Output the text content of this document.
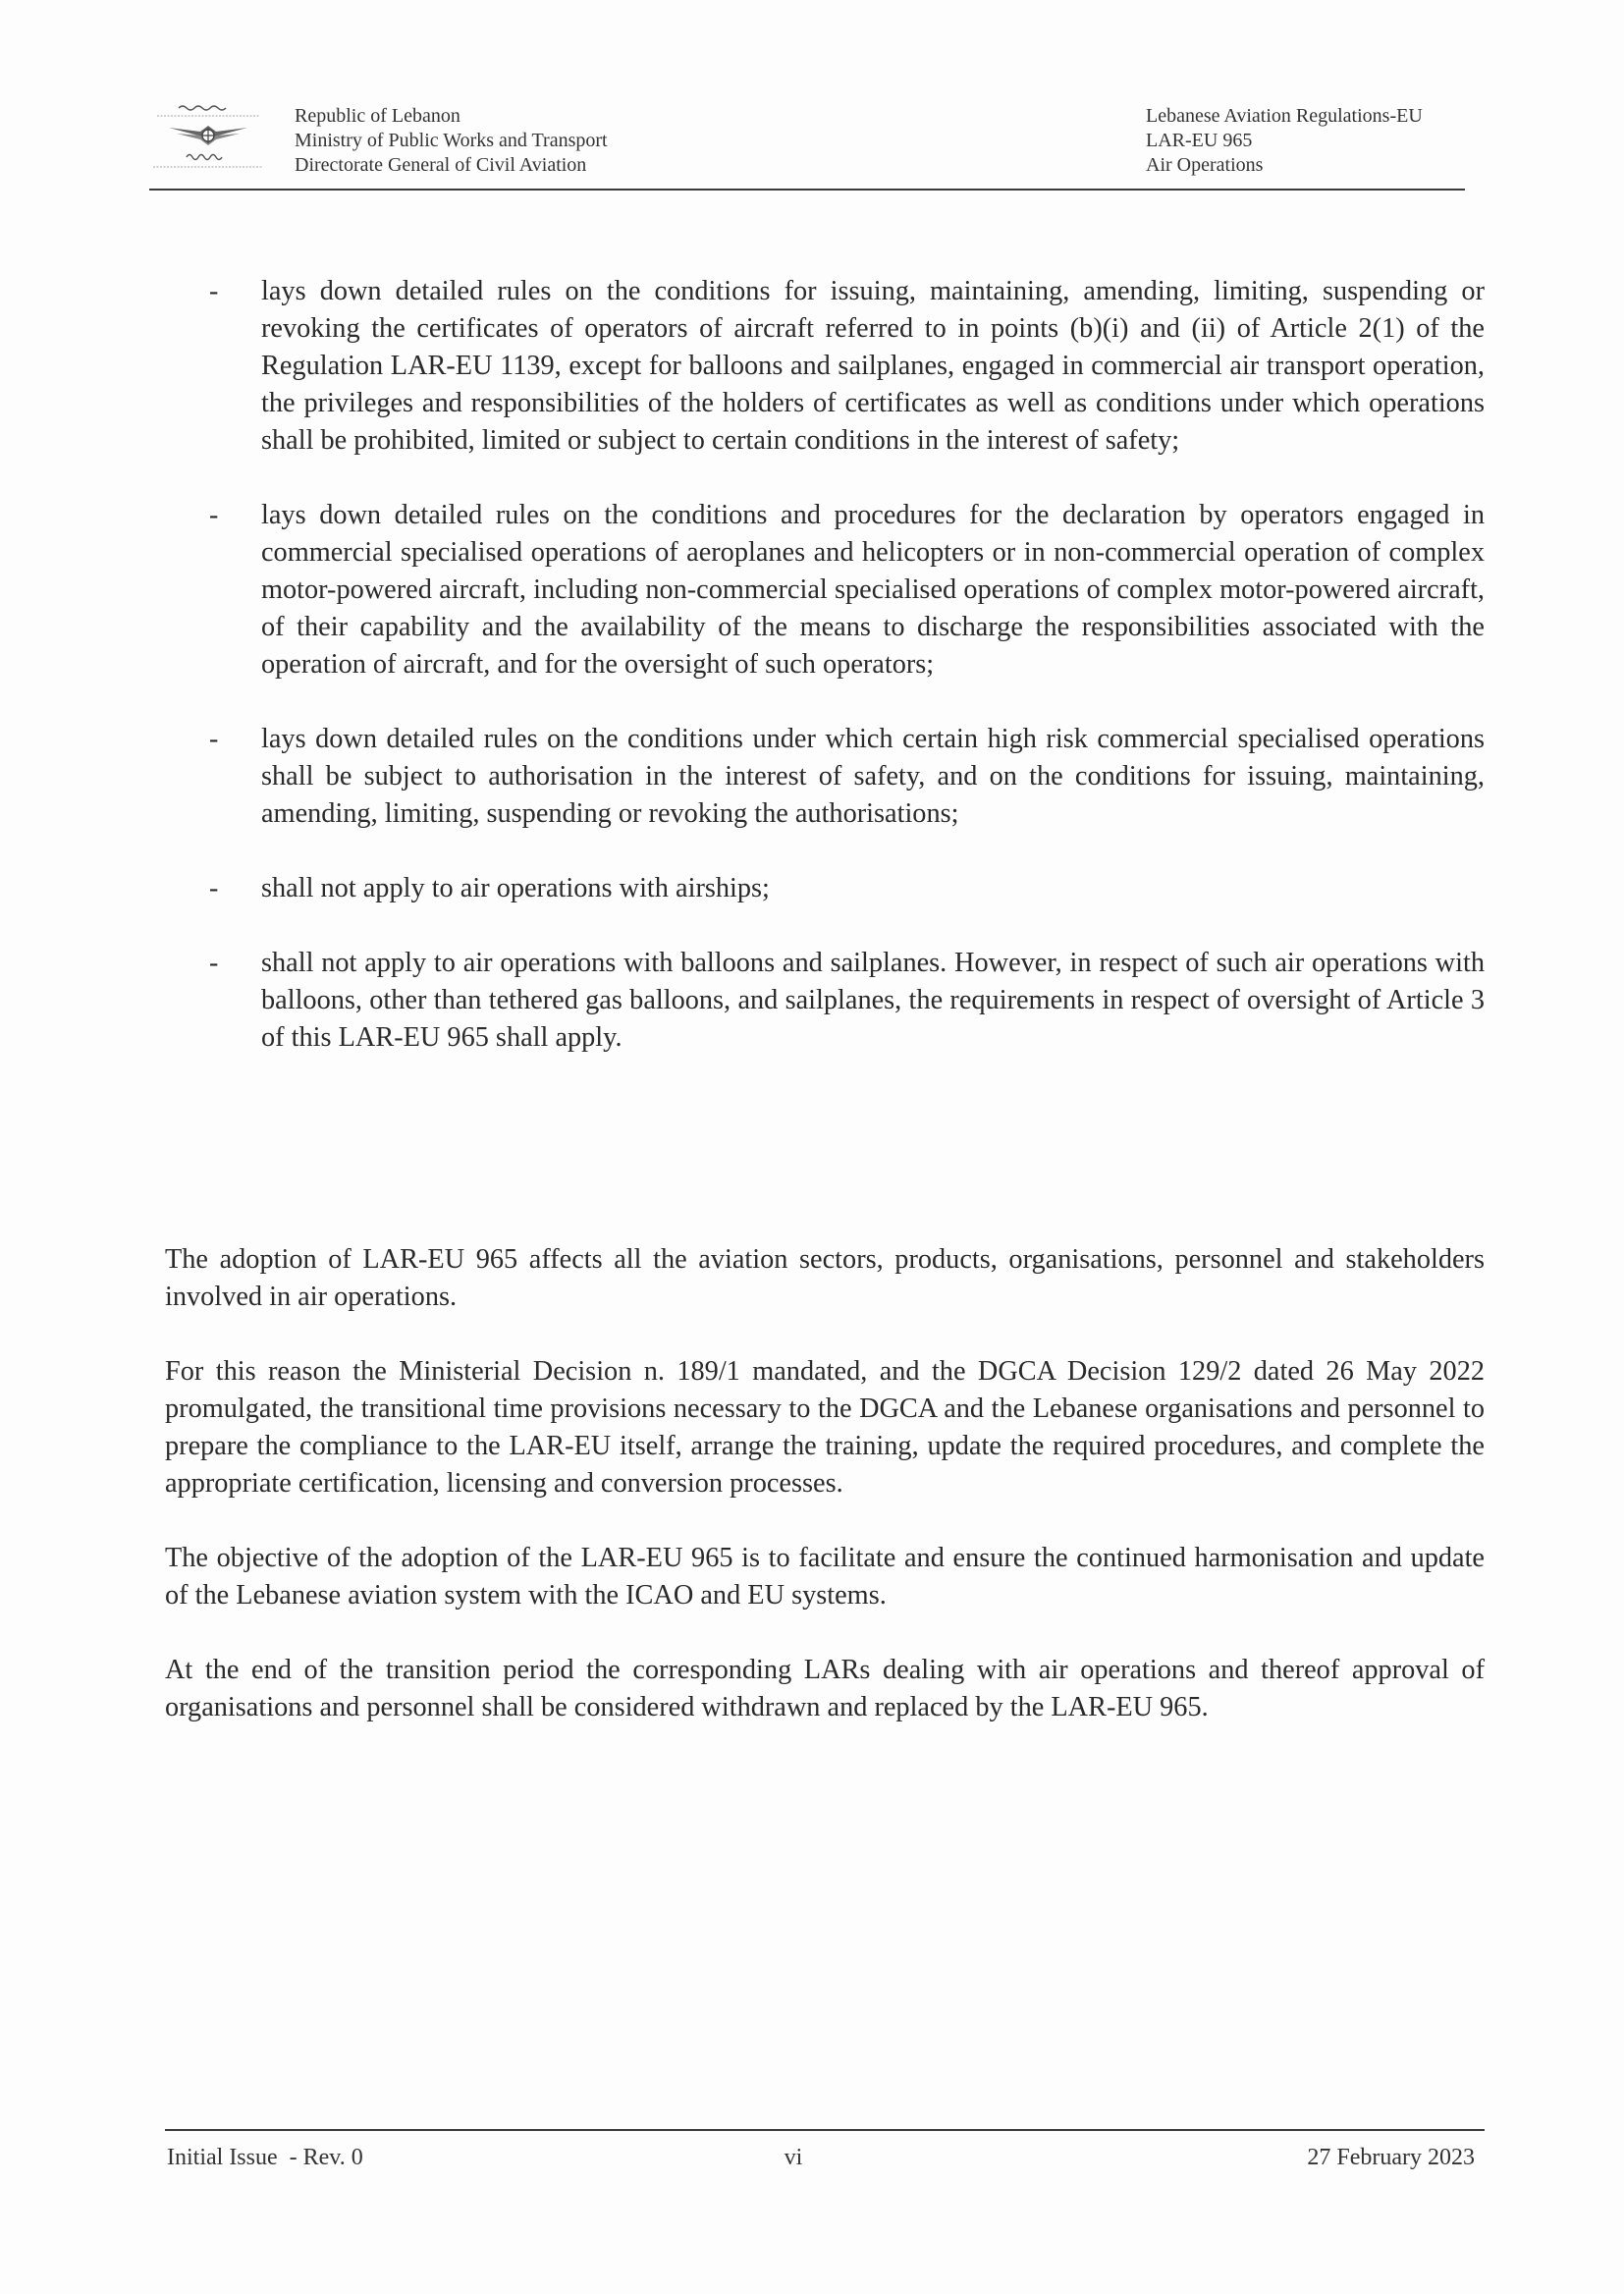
Republic of Lebanon
Ministry of Public Works and Transport
Directorate General of Civil Aviation
Lebanese Aviation Regulations-EU
LAR-EU 965
Air Operations
- lays down detailed rules on the conditions for issuing, maintaining, amending, limiting, suspending or revoking the certificates of operators of aircraft referred to in points (b)(i) and (ii) of Article 2(1) of the Regulation LAR-EU 1139, except for balloons and sailplanes, engaged in commercial air transport operation, the privileges and responsibilities of the holders of certificates as well as conditions under which operations shall be prohibited, limited or subject to certain conditions in the interest of safety;
- lays down detailed rules on the conditions and procedures for the declaration by operators engaged in commercial specialised operations of aeroplanes and helicopters or in non-commercial operation of complex motor-powered aircraft, including non-commercial specialised operations of complex motor-powered aircraft, of their capability and the availability of the means to discharge the responsibilities associated with the operation of aircraft, and for the oversight of such operators;
- lays down detailed rules on the conditions under which certain high risk commercial specialised operations shall be subject to authorisation in the interest of safety, and on the conditions for issuing, maintaining, amending, limiting, suspending or revoking the authorisations;
- shall not apply to air operations with airships;
- shall not apply to air operations with balloons and sailplanes. However, in respect of such air operations with balloons, other than tethered gas balloons, and sailplanes, the requirements in respect of oversight of Article 3 of this LAR-EU 965 shall apply.

The adoption of LAR-EU 965 affects all the aviation sectors, products, organisations, personnel and stakeholders involved in air operations.

For this reason the Ministerial Decision n. 189/1 mandated, and the DGCA Decision 129/2 dated 26 May 2022 promulgated, the transitional time provisions necessary to the DGCA and the Lebanese organisations and personnel to prepare the compliance to the LAR-EU itself, arrange the training, update the required procedures, and complete the appropriate certification, licensing and conversion processes.

The objective of the adoption of the LAR-EU 965 is to facilitate and ensure the continued harmonisation and update of the Lebanese aviation system with the ICAO and EU systems.

At the end of the transition period the corresponding LARs dealing with air operations and thereof approval of organisations and personnel shall be considered withdrawn and replaced by the LAR-EU 965.

Initial Issue  - Rev. 0	vi	27 February 2023
